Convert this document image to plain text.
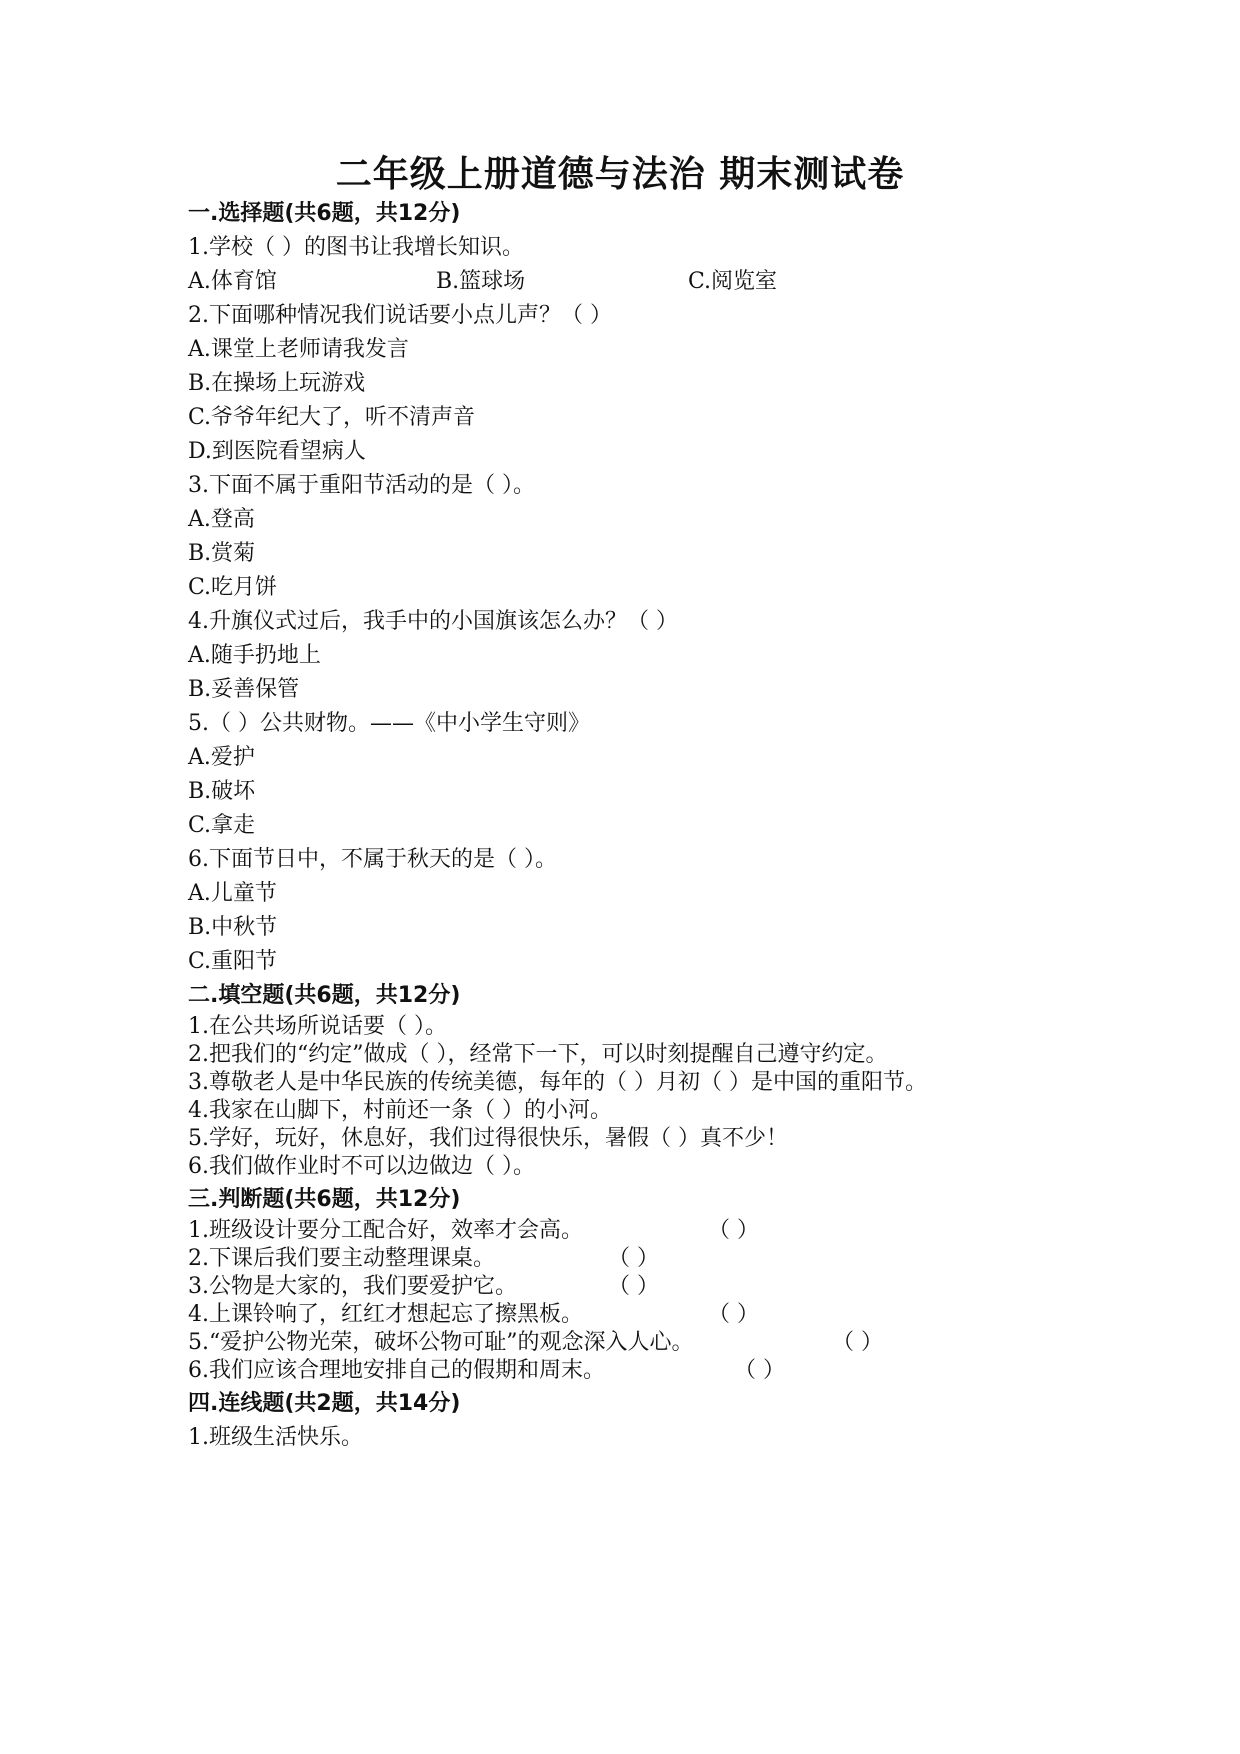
二年级上册道德与法治 期末测试卷
一.选择题(共6题，共12分)
1.学校（ ）的图书让我增长知识。
A.体育馆	B.篮球场	C.阅览室
2.下面哪种情况我们说话要小点儿声？（ ）
A.课堂上老师请我发言
B.在操场上玩游戏
C.爷爷年纪大了，听不清声音
D.到医院看望病人
3.下面不属于重阳节活动的是（ ）。
A.登高
B.赏菊
C.吃月饼
4.升旗仪式过后，我手中的小国旗该怎么办？（ ）
A.随手扔地上
B.妥善保管
5.（ ）公共财物。——《中小学生守则》
A.爱护
B.破坏
C.拿走
6.下面节日中，不属于秋天的是（ ）。
A.儿童节
B.中秋节
C.重阳节
二.填空题(共6题，共12分)
1.在公共场所说话要（ ）。
2.把我们的“约定”做成（ ），经常下一下，可以时刻提醒自己遵守约定。
3.尊敬老人是中华民族的传统美德，每年的（ ）月初（ ）是中国的重阳节。
4.我家在山脚下，村前还一条（ ）的小河。
5.学好，玩好，休息好，我们过得很快乐，暑假（ ）真不少！
6.我们做作业时不可以边做边（ ）。
三.判断题(共6题，共12分)
1.班级设计要分工配合好，效率才会高。	（ ）
2.下课后我们要主动整理课桌。	（ ）
3.公物是大家的，我们要爱护它。	（ ）
4.上课铃响了，红红才想起忘了擦黑板。	（ ）
5.“爱护公物光荣，破坏公物可耻”的观念深入人心。	（ ）
6.我们应该合理地安排自己的假期和周末。	（ ）
四.连线题(共2题，共14分)
1.班级生活快乐。
